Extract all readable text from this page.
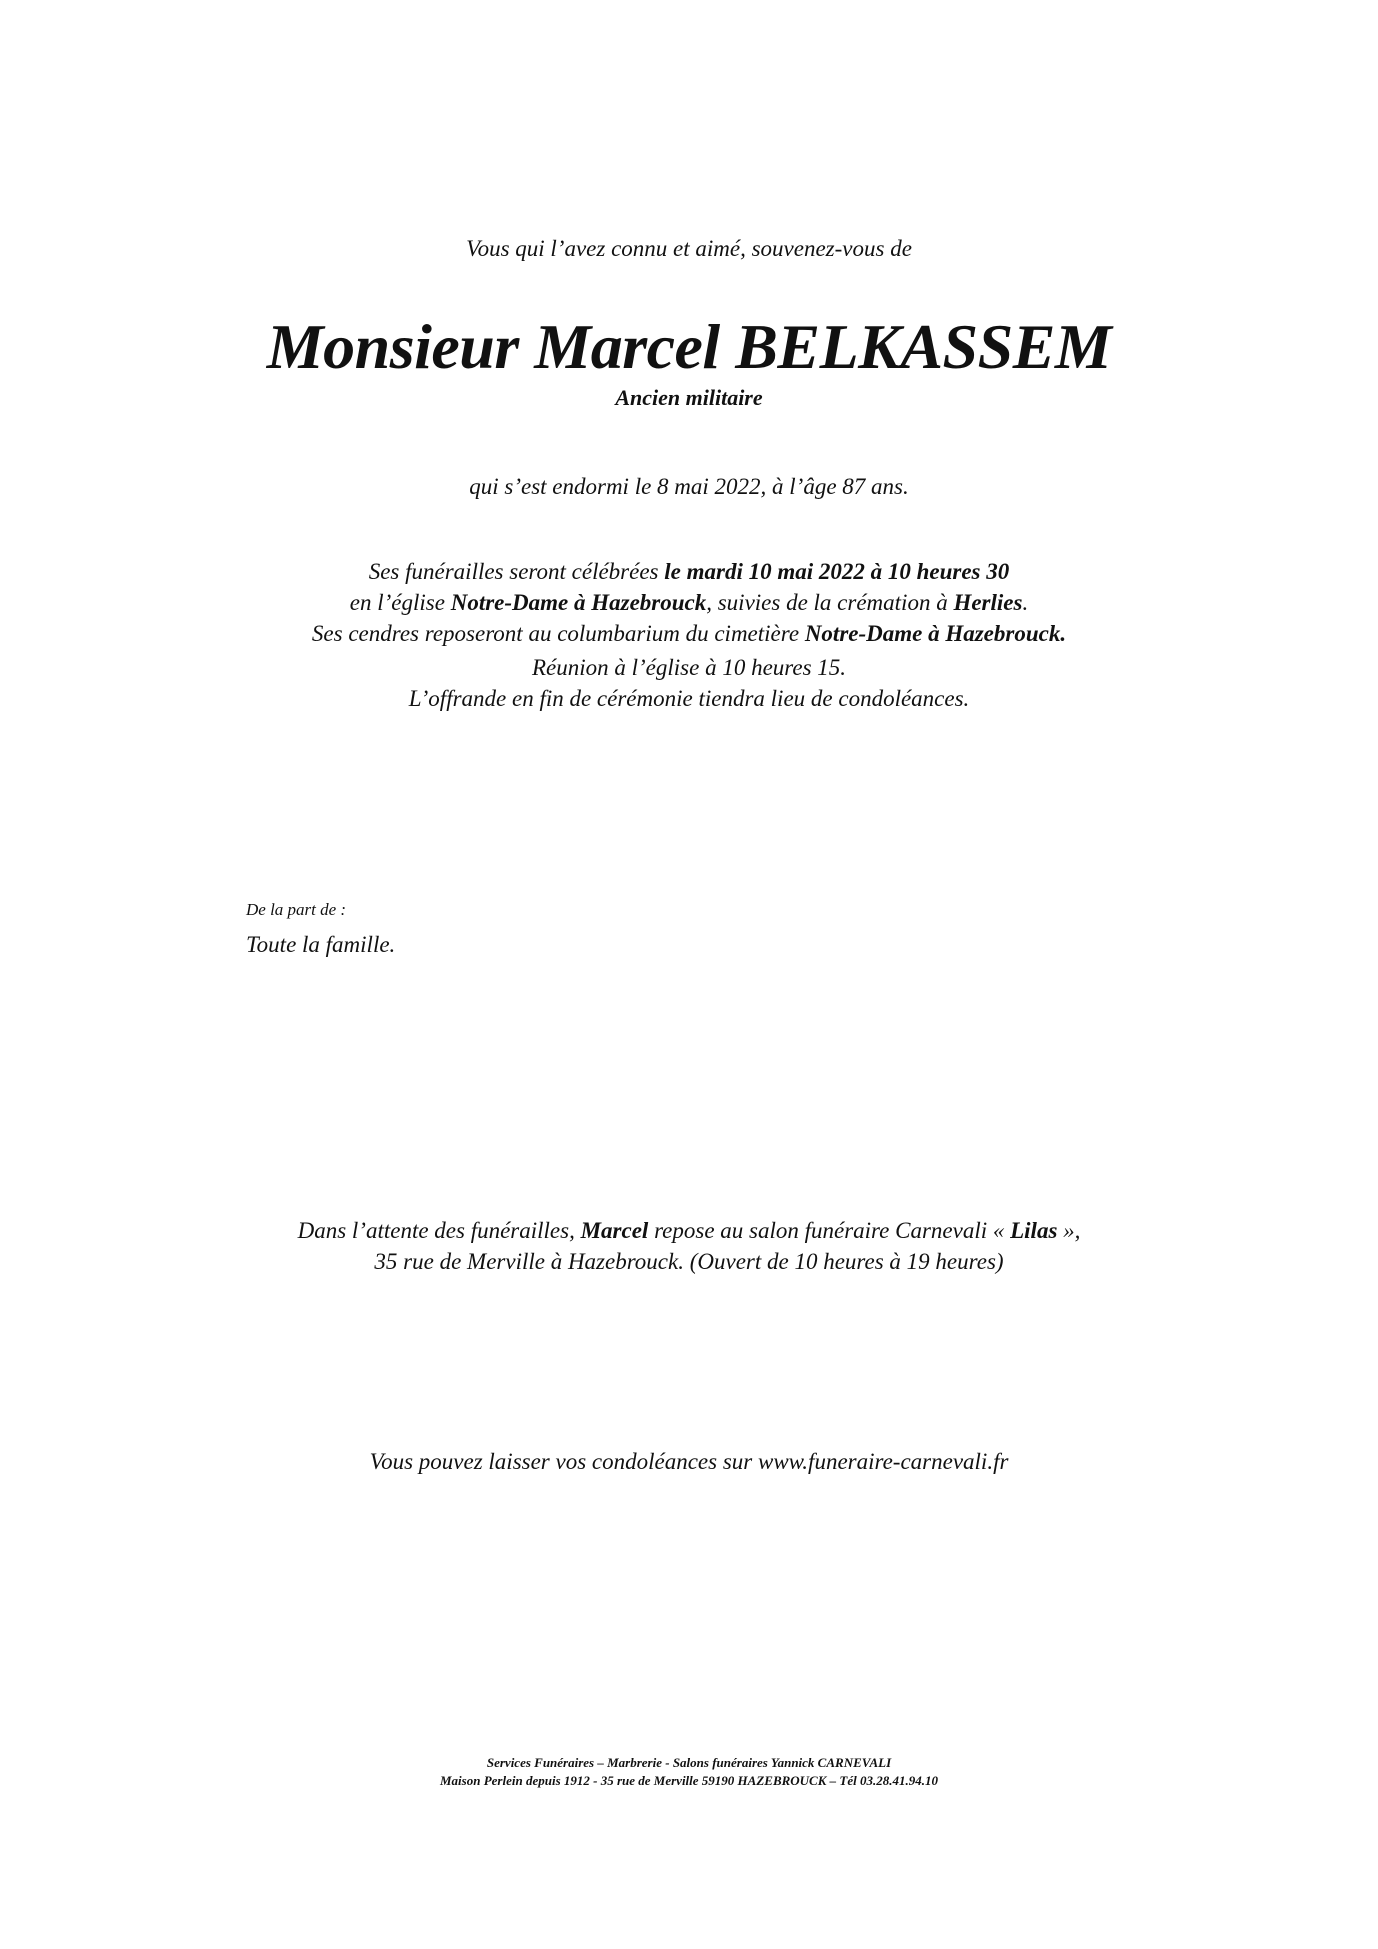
Vous qui l’avez connu et aimé, souvenez-vous de
Monsieur Marcel BELKASSEM
Ancien militaire
qui s’est endormi le 8 mai 2022, à l’âge 87 ans.
Ses funérailles seront célébrées le mardi 10 mai 2022 à 10 heures 30
en l’église Notre-Dame à Hazebrouck, suivies de la crémation à Herlies.
Ses cendres reposeront au columbarium du cimetière Notre-Dame à Hazebrouck.
Réunion à l’église à 10 heures 15.
L’offrande en fin de cérémonie tiendra lieu de condoléances.
De la part de :
Toute la famille.
Dans l’attente des funérailles, Marcel repose au salon funéraire Carnevali « Lilas »,
35 rue de Merville à Hazebrouck. (Ouvert de 10 heures à 19 heures)
Vous pouvez laisser vos condoléances sur www.funeraire-carnevali.fr
Services Funéraires – Marbrerie - Salons funéraires Yannick CARNEVALI
Maison Perlein depuis 1912 - 35 rue de Merville 59190 HAZEBROUCK – Tél 03.28.41.94.10
